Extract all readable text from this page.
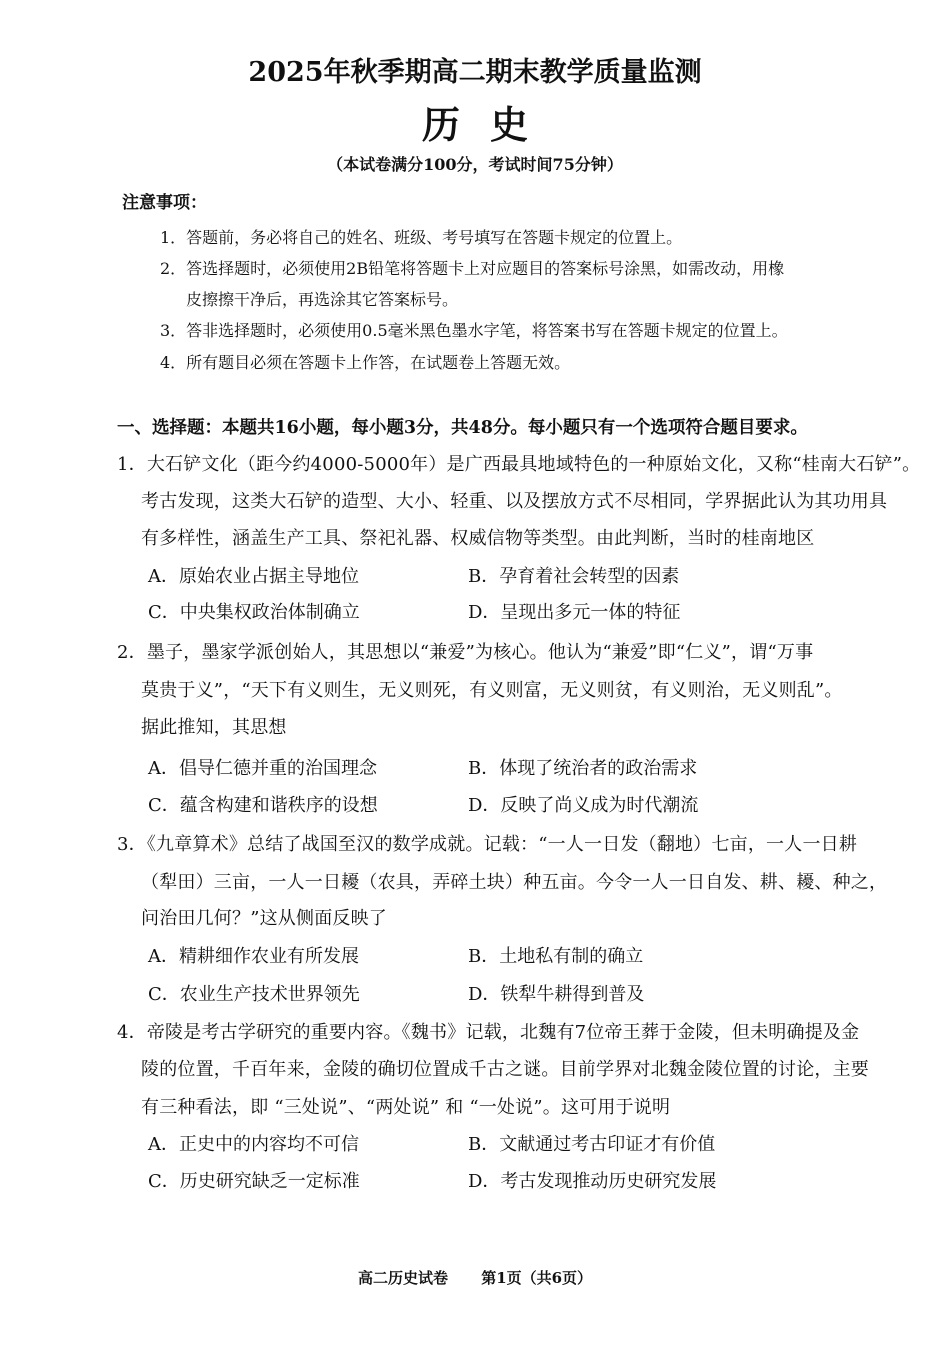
2025年秋季期高二期末教学质量监测
历史
（本试卷满分100分，考试时间75分钟）
注意事项：
1．答题前，务必将自己的姓名、班级、考号填写在答题卡规定的位置上。
2．答选择题时，必须使用2B铅笔将答题卡上对应题目的答案标号涂黑，如需改动，用橡
皮擦擦干净后，再选涂其它答案标号。
3．答非选择题时，必须使用0.5毫米黑色墨水字笔，将答案书写在答题卡规定的位置上。
4．所有题目必须在答题卡上作答，在试题卷上答题无效。
一、选择题：本题共16小题，每小题3分，共48分。每小题只有一个选项符合题目要求。
1．大石铲文化（距今约4000-5000年）是广西最具地域特色的一种原始文化，又称“桂南大石铲”。
考古发现，这类大石铲的造型、大小、轻重、以及摆放方式不尽相同，学界据此认为其功用具
有多样性，涵盖生产工具、祭祀礼器、权威信物等类型。由此判断，当时的桂南地区
A．原始农业占据主导地位	B．孕育着社会转型的因素
C．中央集权政治体制确立	D．呈现出多元一体的特征
2．墨子，墨家学派创始人，其思想以“兼爱”为核心。他认为“兼爱”即“仁义”，谓“万事
莫贵于义”，“天下有义则生，无义则死，有义则富，无义则贫，有义则治，无义则乱”。
据此推知，其思想
A．倡导仁德并重的治国理念	B．体现了统治者的政治需求
C．蕴含构建和谐秩序的设想	D．反映了尚义成为时代潮流
3．《九章算术》总结了战国至汉的数学成就。记载：“一人一日发（翻地）七亩，一人一日耕
（犁田）三亩，一人一日耰（农具，弄碎土块）种五亩。今令一人一日自发、耕、耰、种之，
问治田几何？”这从侧面反映了
A．精耕细作农业有所发展	B．土地私有制的确立
C．农业生产技术世界领先	D．铁犁牛耕得到普及
4．帝陵是考古学研究的重要内容。《魏书》记载，北魏有7位帝王葬于金陵，但未明确提及金
陵的位置，千百年来，金陵的确切位置成千古之谜。目前学界对北魏金陵位置的讨论，主要
有三种看法，即 “三处说”、“两处说” 和 “一处说”。这可用于说明
A．正史中的内容均不可信	B．文献通过考古印证才有价值
C．历史研究缺乏一定标准	D．考古发现推动历史研究发展
高二历史试卷 第1页（共6页）
